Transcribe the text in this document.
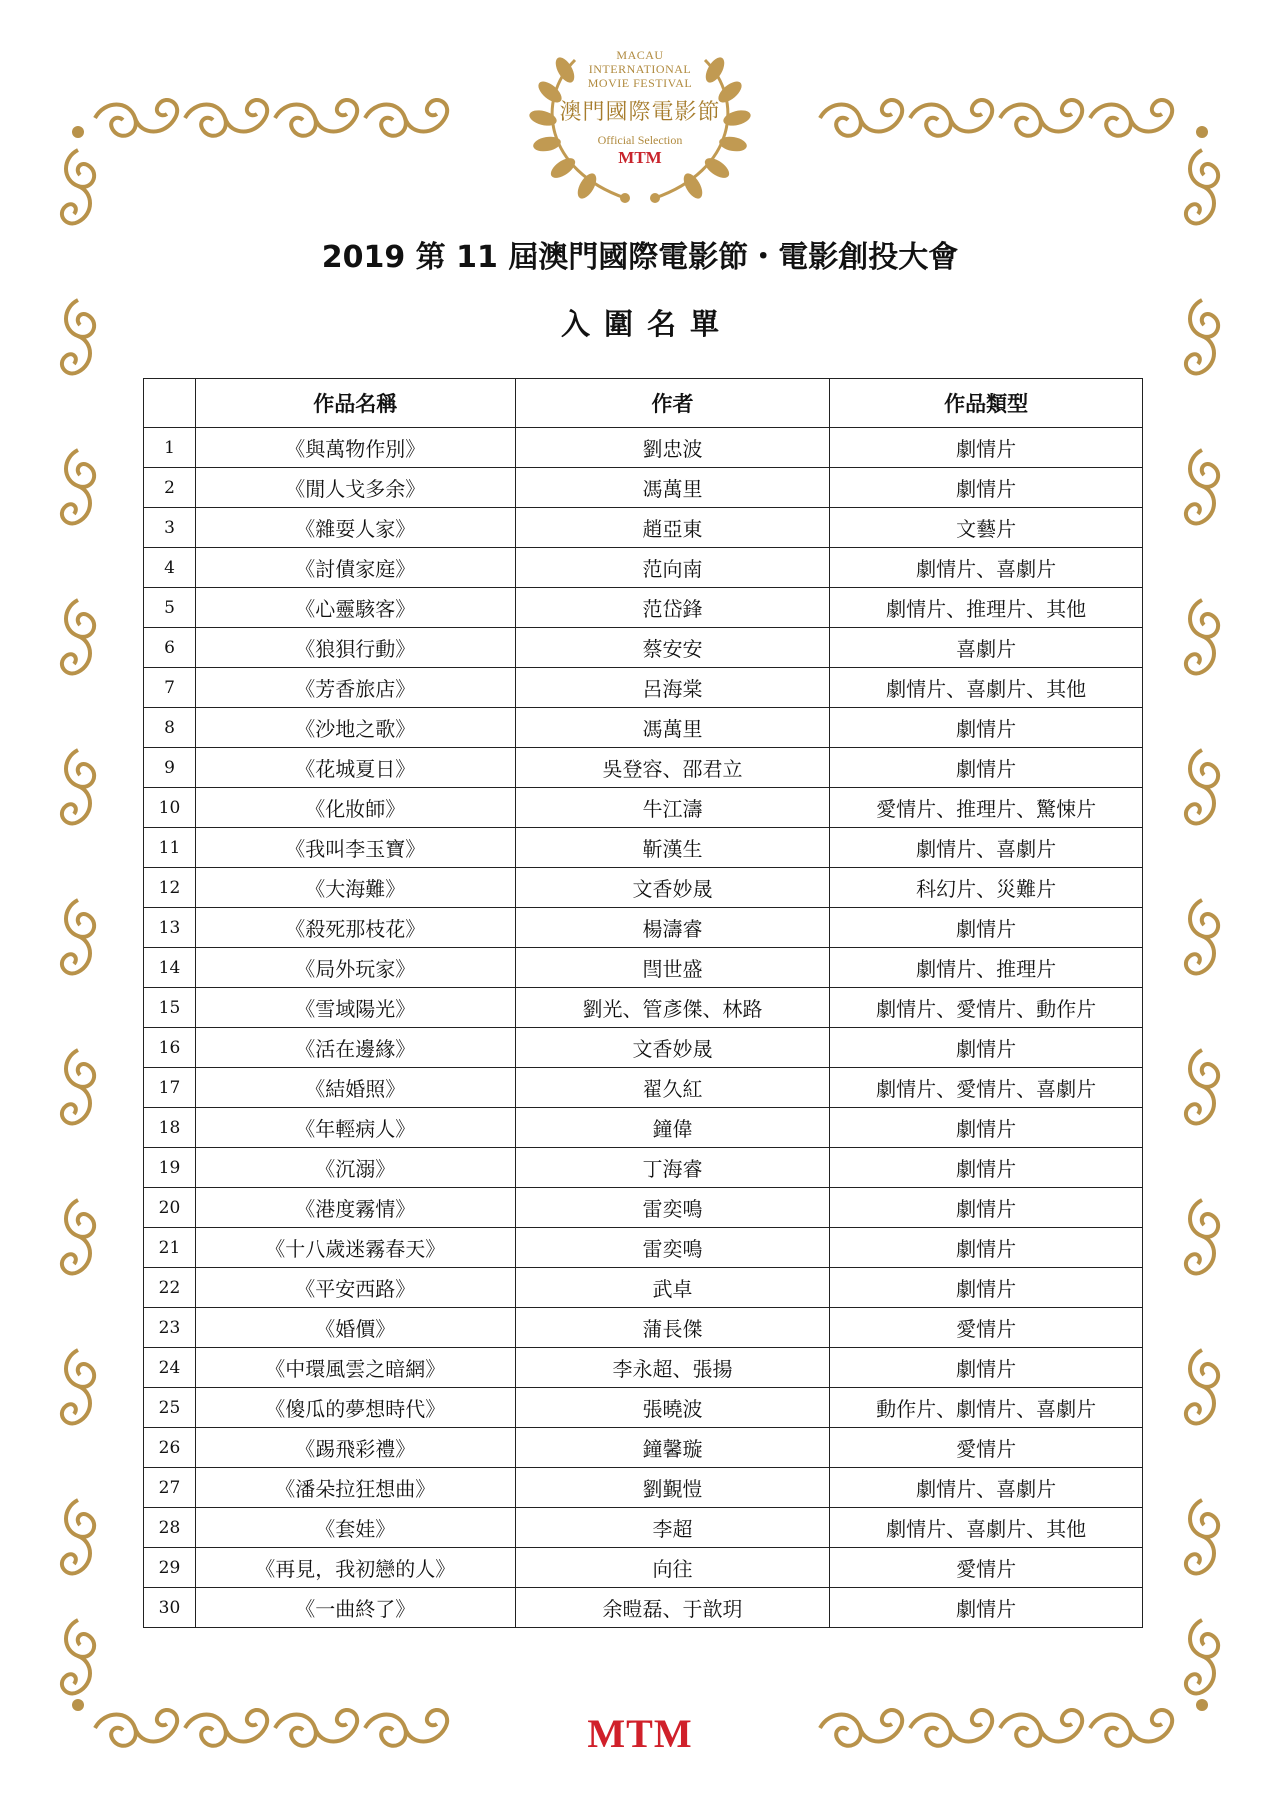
MACAU
INTERNATIONAL
MOVIE FESTIVAL
澳門國際電影節
Official Selection
MTM
2019 第 11 屆澳門國際電影節・電影創投大會
入圍名單
	作品名稱	作者	作品類型
1	《與萬物作別》	劉忠波	劇情片
2	《閒人戈多余》	馮萬里	劇情片
3	《雜耍人家》	趙亞東	文藝片
4	《討債家庭》	范向南	劇情片、喜劇片
5	《心靈駭客》	范岱鋒	劇情片、推理片、其他
6	《狼狽行動》	蔡安安	喜劇片
7	《芳香旅店》	呂海棠	劇情片、喜劇片、其他
8	《沙地之歌》	馮萬里	劇情片
9	《花城夏日》	吳登容、邵君立	劇情片
10	《化妝師》	牛江濤	愛情片、推理片、驚悚片
11	《我叫李玉寶》	靳漢生	劇情片、喜劇片
12	《大海難》	文香妙晟	科幻片、災難片
13	《殺死那枝花》	楊濤睿	劇情片
14	《局外玩家》	閆世盛	劇情片、推理片
15	《雪域陽光》	劉光、管彥傑、林路	劇情片、愛情片、動作片
16	《活在邊緣》	文香妙晟	劇情片
17	《結婚照》	翟久紅	劇情片、愛情片、喜劇片
18	《年輕病人》	鐘偉	劇情片
19	《沉溺》	丁海睿	劇情片
20	《港度霧情》	雷奕鳴	劇情片
21	《十八歲迷霧春天》	雷奕鳴	劇情片
22	《平安西路》	武卓	劇情片
23	《婚價》	蒲長傑	愛情片
24	《中環風雲之暗網》	李永超、張揚	劇情片
25	《傻瓜的夢想時代》	張曉波	動作片、劇情片、喜劇片
26	《踢飛彩禮》	鐘馨璇	愛情片
27	《潘朵拉狂想曲》	劉覲愷	劇情片、喜劇片
28	《套娃》	李超	劇情片、喜劇片、其他
29	《再見，我初戀的人》	向往	愛情片
30	《一曲終了》	余暟磊、于歆玥	劇情片
MTM
